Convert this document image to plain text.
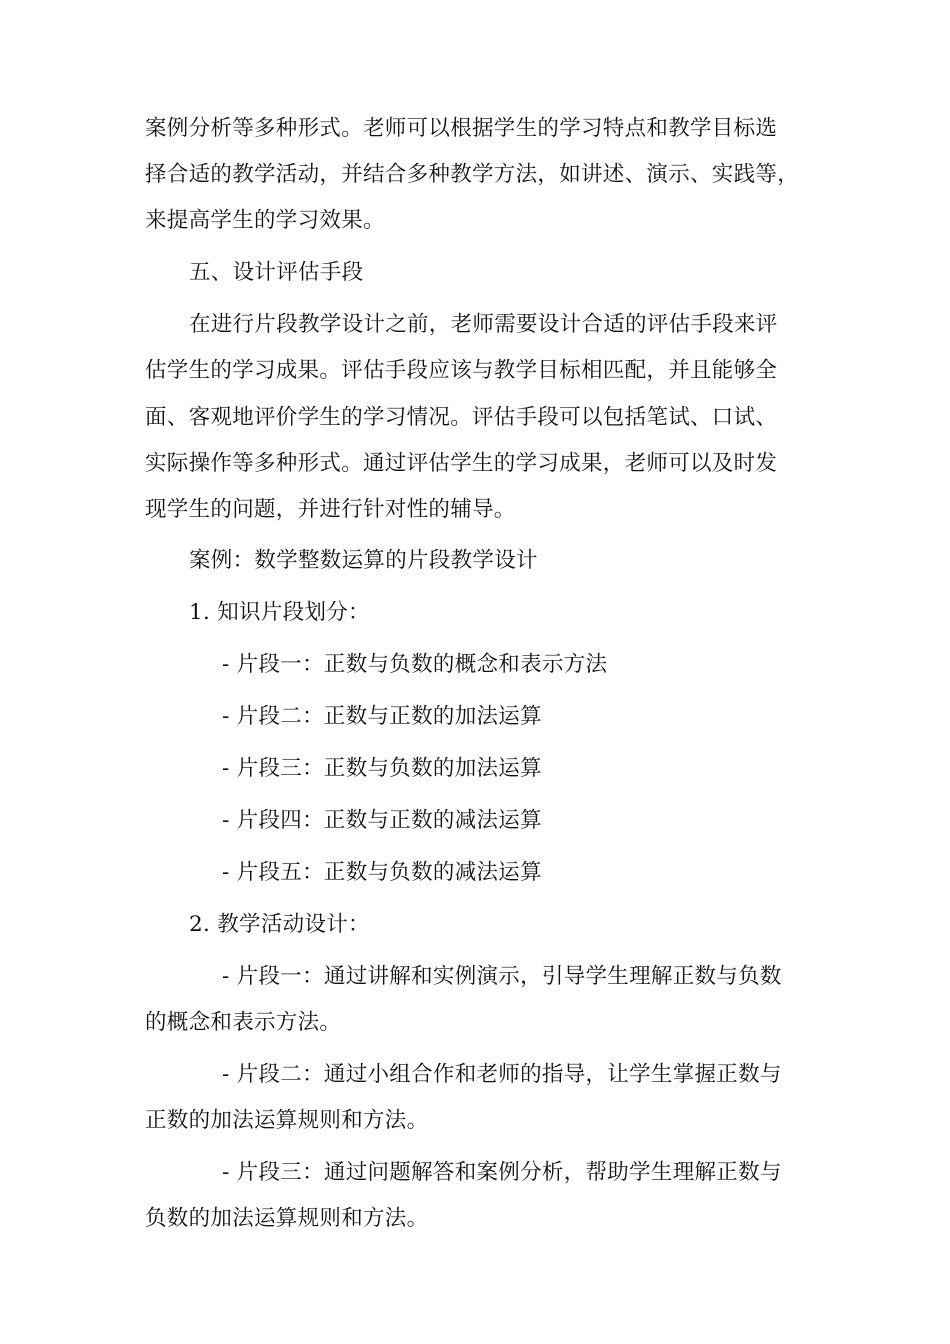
案例分析等多种形式。老师可以根据学生的学习特点和教学目标选
择合适的教学活动，并结合多种教学方法，如讲述、演示、实践等，
来提高学生的学习效果。
五、设计评估手段
在进行片段教学设计之前，老师需要设计合适的评估手段来评
估学生的学习成果。评估手段应该与教学目标相匹配，并且能够全
面、客观地评价学生的学习情况。评估手段可以包括笔试、口试、
实际操作等多种形式。通过评估学生的学习成果，老师可以及时发
现学生的问题，并进行针对性的辅导。
案例：数学整数运算的片段教学设计
1. 知识片段划分：
- 片段一：正数与负数的概念和表示方法
- 片段二：正数与正数的加法运算
- 片段三：正数与负数的加法运算
- 片段四：正数与正数的减法运算
- 片段五：正数与负数的减法运算
2. 教学活动设计：
- 片段一：通过讲解和实例演示，引导学生理解正数与负数
的概念和表示方法。
- 片段二：通过小组合作和老师的指导，让学生掌握正数与
正数的加法运算规则和方法。
- 片段三：通过问题解答和案例分析，帮助学生理解正数与
负数的加法运算规则和方法。
